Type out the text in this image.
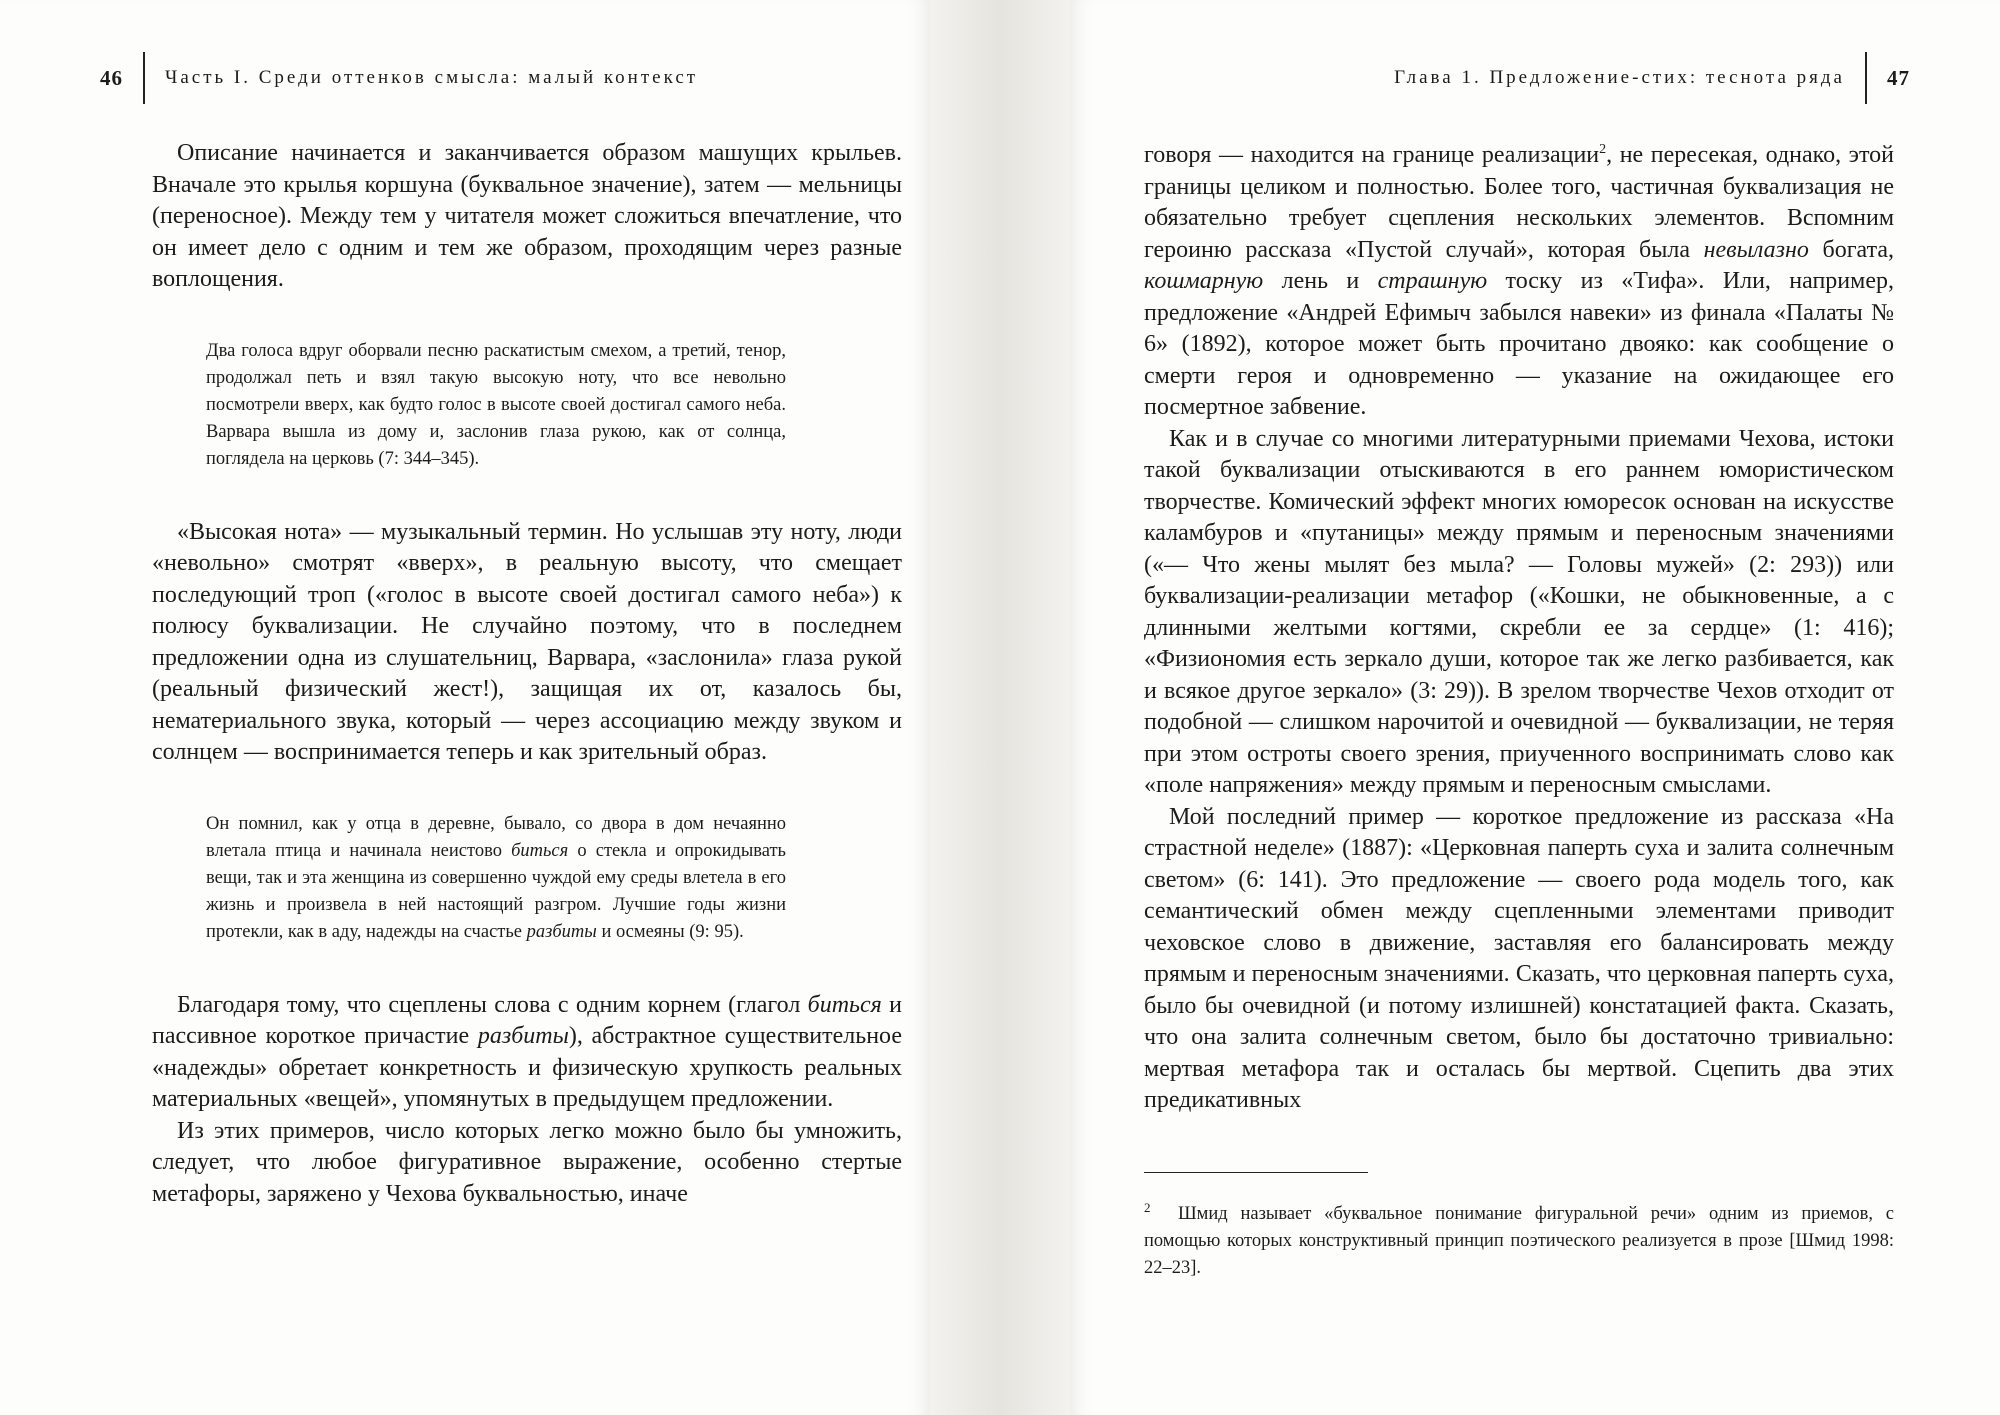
46 Часть I. Среди оттенков смысла: малый контекст

Описание начинается и заканчивается образом машущих крыльев. Вначале это крылья коршуна (буквальное значение), затем — мельницы (переносное). Между тем у читателя может сложиться впечатление, что он имеет дело с одним и тем же образом, проходящим через разные воплощения.

Два голоса вдруг оборвали песню раскатистым смехом, а третий, тенор, продолжал петь и взял такую высокую ноту, что все невольно посмотрели вверх, как будто голос в высоте своей достигал самого неба. Варвара вышла из дому и, заслонив глаза рукою, как от солнца, поглядела на церковь (7: 344–345).

«Высокая нота» — музыкальный термин. Но услышав эту ноту, люди «невольно» смотрят «вверх», в реальную высоту, что смещает последующий троп («голос в высоте своей достигал самого неба») к полюсу буквализации. Не случайно поэтому, что в последнем предложении одна из слушательниц, Варвара, «заслонила» глаза рукой (реальный физический жест!), защищая их от, казалось бы, нематериального звука, который — через ассоциацию между звуком и солнцем — воспринимается теперь и как зрительный образ.

Он помнил, как у отца в деревне, бывало, со двора в дом нечаянно влетала птица и начинала неистово биться о стекла и опрокидывать вещи, так и эта женщина из совершенно чуждой ему среды влетела в его жизнь и произвела в ней настоящий разгром. Лучшие годы жизни протекли, как в аду, надежды на счастье разбиты и осмеяны (9: 95).

Благодаря тому, что сцеплены слова с одним корнем (глагол биться и пассивное короткое причастие разбиты), абстрактное существительное «надежды» обретает конкретность и физическую хрупкость реальных материальных «вещей», упомянутых в предыдущем предложении.

Из этих примеров, число которых легко можно было бы умножить, следует, что любое фигуративное выражение, особенно стертые метафоры, заряжено у Чехова буквальностью, иначе

Глава 1. Предложение-стих: теснота ряда 47

говоря — находится на границе реализации$^2$, не пересекая, однако, этой границы целиком и полностью. Более того, частичная буквализация не обязательно требует сцепления нескольких элементов. Вспомним героиню рассказа «Пустой случай», которая была невылазно богата, кошмарную лень и страшную тоску из «Тифа». Или, например, предложение «Андрей Ефимыч забылся навеки» из финала «Палаты № 6» (1892), которое может быть прочитано двояко: как сообщение о смерти героя и одновременно — указание на ожидающее его посмертное забвение.

Как и в случае со многими литературными приемами Чехова, истоки такой буквализации отыскиваются в его раннем юмористическом творчестве. Комический эффект многих юморесок основан на искусстве каламбуров и «путаницы» между прямым и переносным значениями («— Что жены мылят без мыла? — Головы мужей» (2: 293)) или буквализации-реализации метафор («Кошки, не обыкновенные, а с длинными желтыми когтями, скребли ее за сердце» (1: 416); «Физиономия есть зеркало души, которое так же легко разбивается, как и всякое другое зеркало» (3: 29)). В зрелом творчестве Чехов отходит от подобной — слишком нарочитой и очевидной — буквализации, не теряя при этом остроты своего зрения, приученного воспринимать слово как «поле напряжения» между прямым и переносным смыслами.

Мой последний пример — короткое предложение из рассказа «На страстной неделе» (1887): «Церковная паперть суха и залита солнечным светом» (6: 141). Это предложение — своего рода модель того, как семантический обмен между сцепленными элементами приводит чеховское слово в движение, заставляя его балансировать между прямым и переносным значениями. Сказать, что церковная паперть суха, было бы очевидной (и потому излишней) констатацией факта. Сказать, что она залита солнечным светом, было бы достаточно тривиально: мертвая метафора так и осталась бы мертвой. Сцепить два этих предикативных

2 Шмид называет «буквальное понимание фигуральной речи» одним из приемов, с помощью которых конструктивный принцип поэтического реализуется в прозе [Шмид 1998: 22–23].
